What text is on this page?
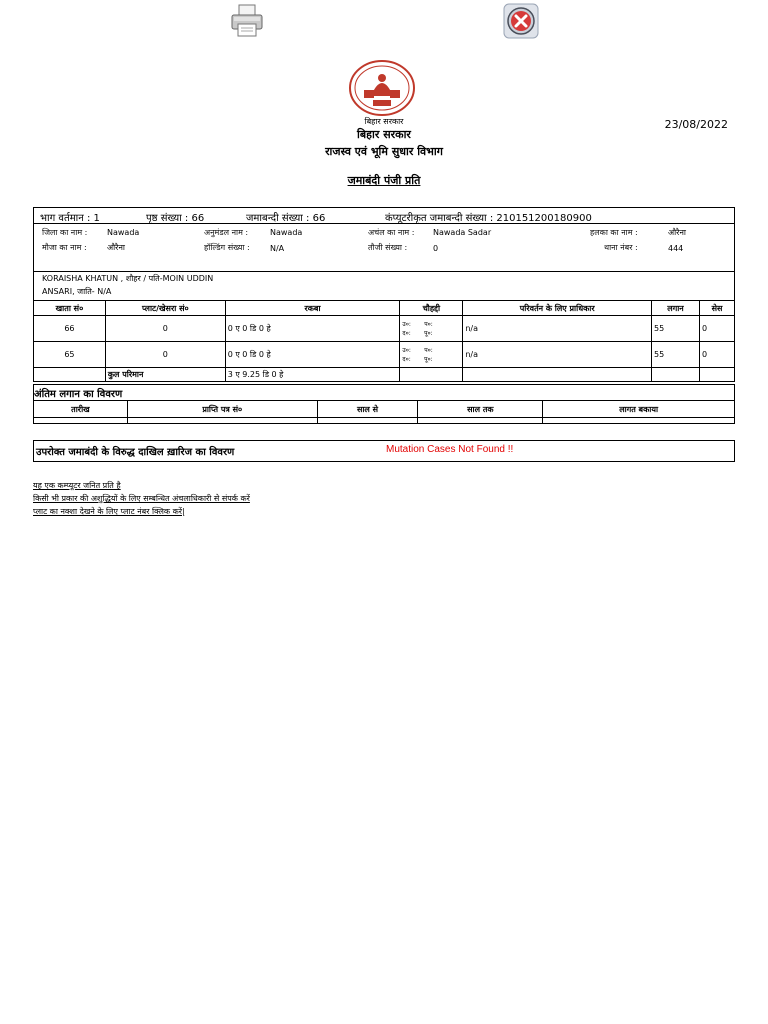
बिहार सरकार
बिहार सरकार
राजस्व एवं भूमि सुधार विभाग
23/08/2022
जमाबंदी पंजी प्रति
भाग वर्तमान : 1	पृष्ठ संख्या : 66	जमाबन्दी संख्या : 66	कंप्यूटरीकृत जमाबन्दी संख्या : 210151200180900
जिला का नाम : Nawada	अनुमंडल नाम :	Nawada	अचंल का नाम : Nawada Sadar	हलका का नाम :	औरैना
मौजा का नाम :	औरैना	हॉल्डिंग संख्या :	N/A	तौजी संख्या :	0	थाना नंबर :	444
KORAISHA KHATUN , शौहर / पति-MOIN UDDIN
ANSARI, जाति- N/A
खाता सं०	प्लाट/खेसरा सं०	रकबा	चौहद्दी	परिवर्तन के लिए प्राधिकार	लगान	सेस
66	0	0 ए 0 डि 0 हे	उ०: प०:
द०: पू०:	n/a	55	0
65	0	0 ए 0 डि 0 हे	उ०: प०:
द०: पू०:	n/a	55	0
	कुल परिमान	3 ए 9.25 डि 0 हे				
अंतिम लगान का विवरण
तारीख	प्राप्ति पत्र सं०	साल से	साल तक	लागत बकाया

उपरोक्त जमाबंदी के विरुद्ध दाखिल ख़ारिज का विवरण	Mutation Cases Not Found !!
यह एक कम्प्यूटर जनित प्रति है
किसी भी प्रकार की अशुद्धियों के लिए सम्बन्धित अंचलाधिकारी से संपर्क करें
प्लाट का नक्शा देखने के लिए प्लाट नंबर क्लिक करें|
